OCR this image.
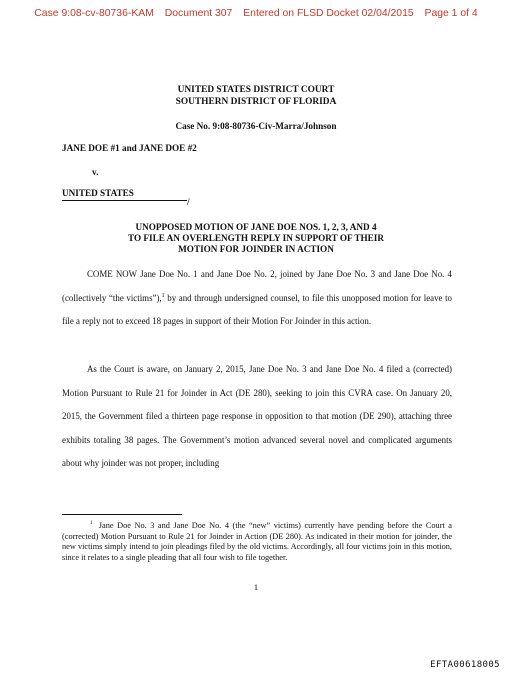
Case 9:08-cv-80736-KAM Document 307 Entered on FLSD Docket 02/04/2015 Page 1 of 4
UNITED STATES DISTRICT COURT
SOUTHERN DISTRICT OF FLORIDA
Case No. 9:08-80736-Civ-Marra/Johnson
JANE DOE #1 and JANE DOE #2
v.
UNITED STATES
/
UNOPPOSED MOTION OF JANE DOE NOS. 1, 2, 3, AND 4
TO FILE AN OVERLENGTH REPLY IN SUPPORT OF THEIR
MOTION FOR JOINDER IN ACTION

COME NOW Jane Doe No. 1 and Jane Doe No. 2, joined by Jane Doe No. 3 and Jane Doe No. 4 (collectively “the victims”),$^1$ by and through undersigned counsel, to file this unopposed motion for leave to file a reply not to exceed 18 pages in support of their Motion For Joinder in this action.

As the Court is aware, on January 2, 2015, Jane Doe No. 3 and Jane Doe No. 4 filed a (corrected) Motion Pursuant to Rule 21 for Joinder in Act (DE 280), seeking to join this CVRA case. On January 20, 2015, the Government filed a thirteen page response in opposition to that motion (DE 290), attaching three exhibits totaling 38 pages. The Government’s motion advanced several novel and complicated arguments about why joinder was not proper, including

$^1$ Jane Doe No. 3 and Jane Doe No. 4 (the “new” victims) currently have pending before the Court a (corrected) Motion Pursuant to Rule 21 for Joinder in Action (DE 280). As indicated in their motion for joinder, the new victims simply intend to join pleadings filed by the old victims. Accordingly, all four victims join in this motion, since it relates to a single pleading that all four wish to file together.

1
EFTA00618005
